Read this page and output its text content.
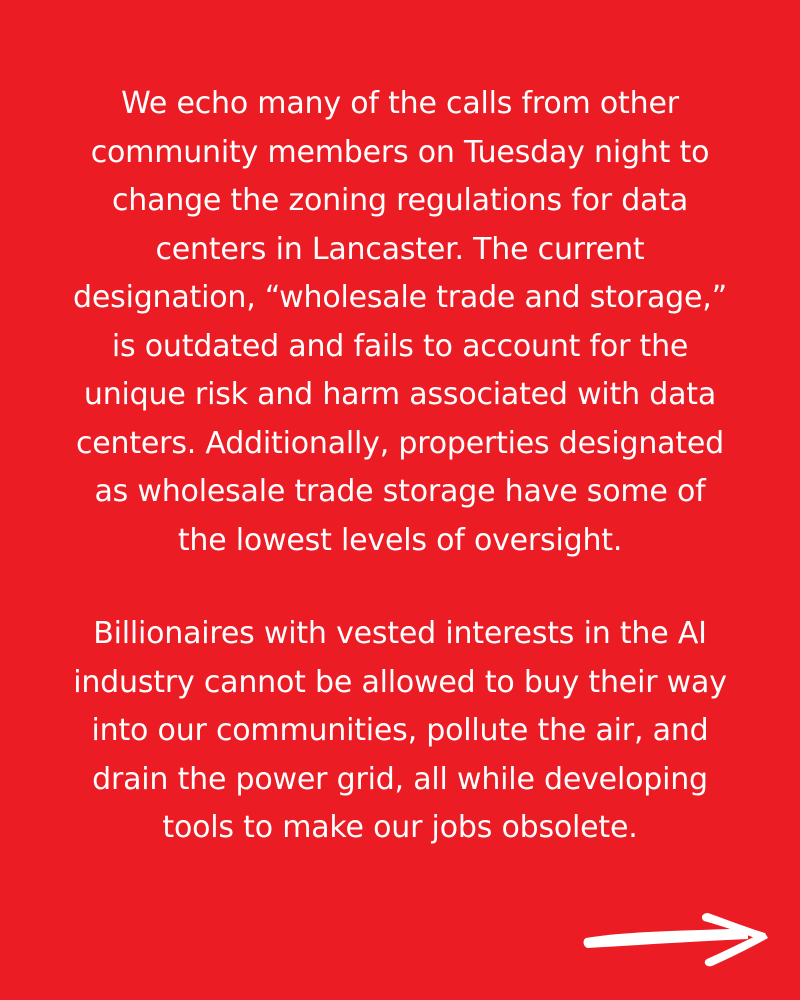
We echo many of the calls from other
community members on Tuesday night to
change the zoning regulations for data
centers in Lancaster. The current
designation, “wholesale trade and storage,”
is outdated and fails to account for the
unique risk and harm associated with data
centers. Additionally, properties designated
as wholesale trade storage have some of
the lowest levels of oversight.

Billionaires with vested interests in the AI
industry cannot be allowed to buy their way
into our communities, pollute the air, and
drain the power grid, all while developing
tools to make our jobs obsolete.
